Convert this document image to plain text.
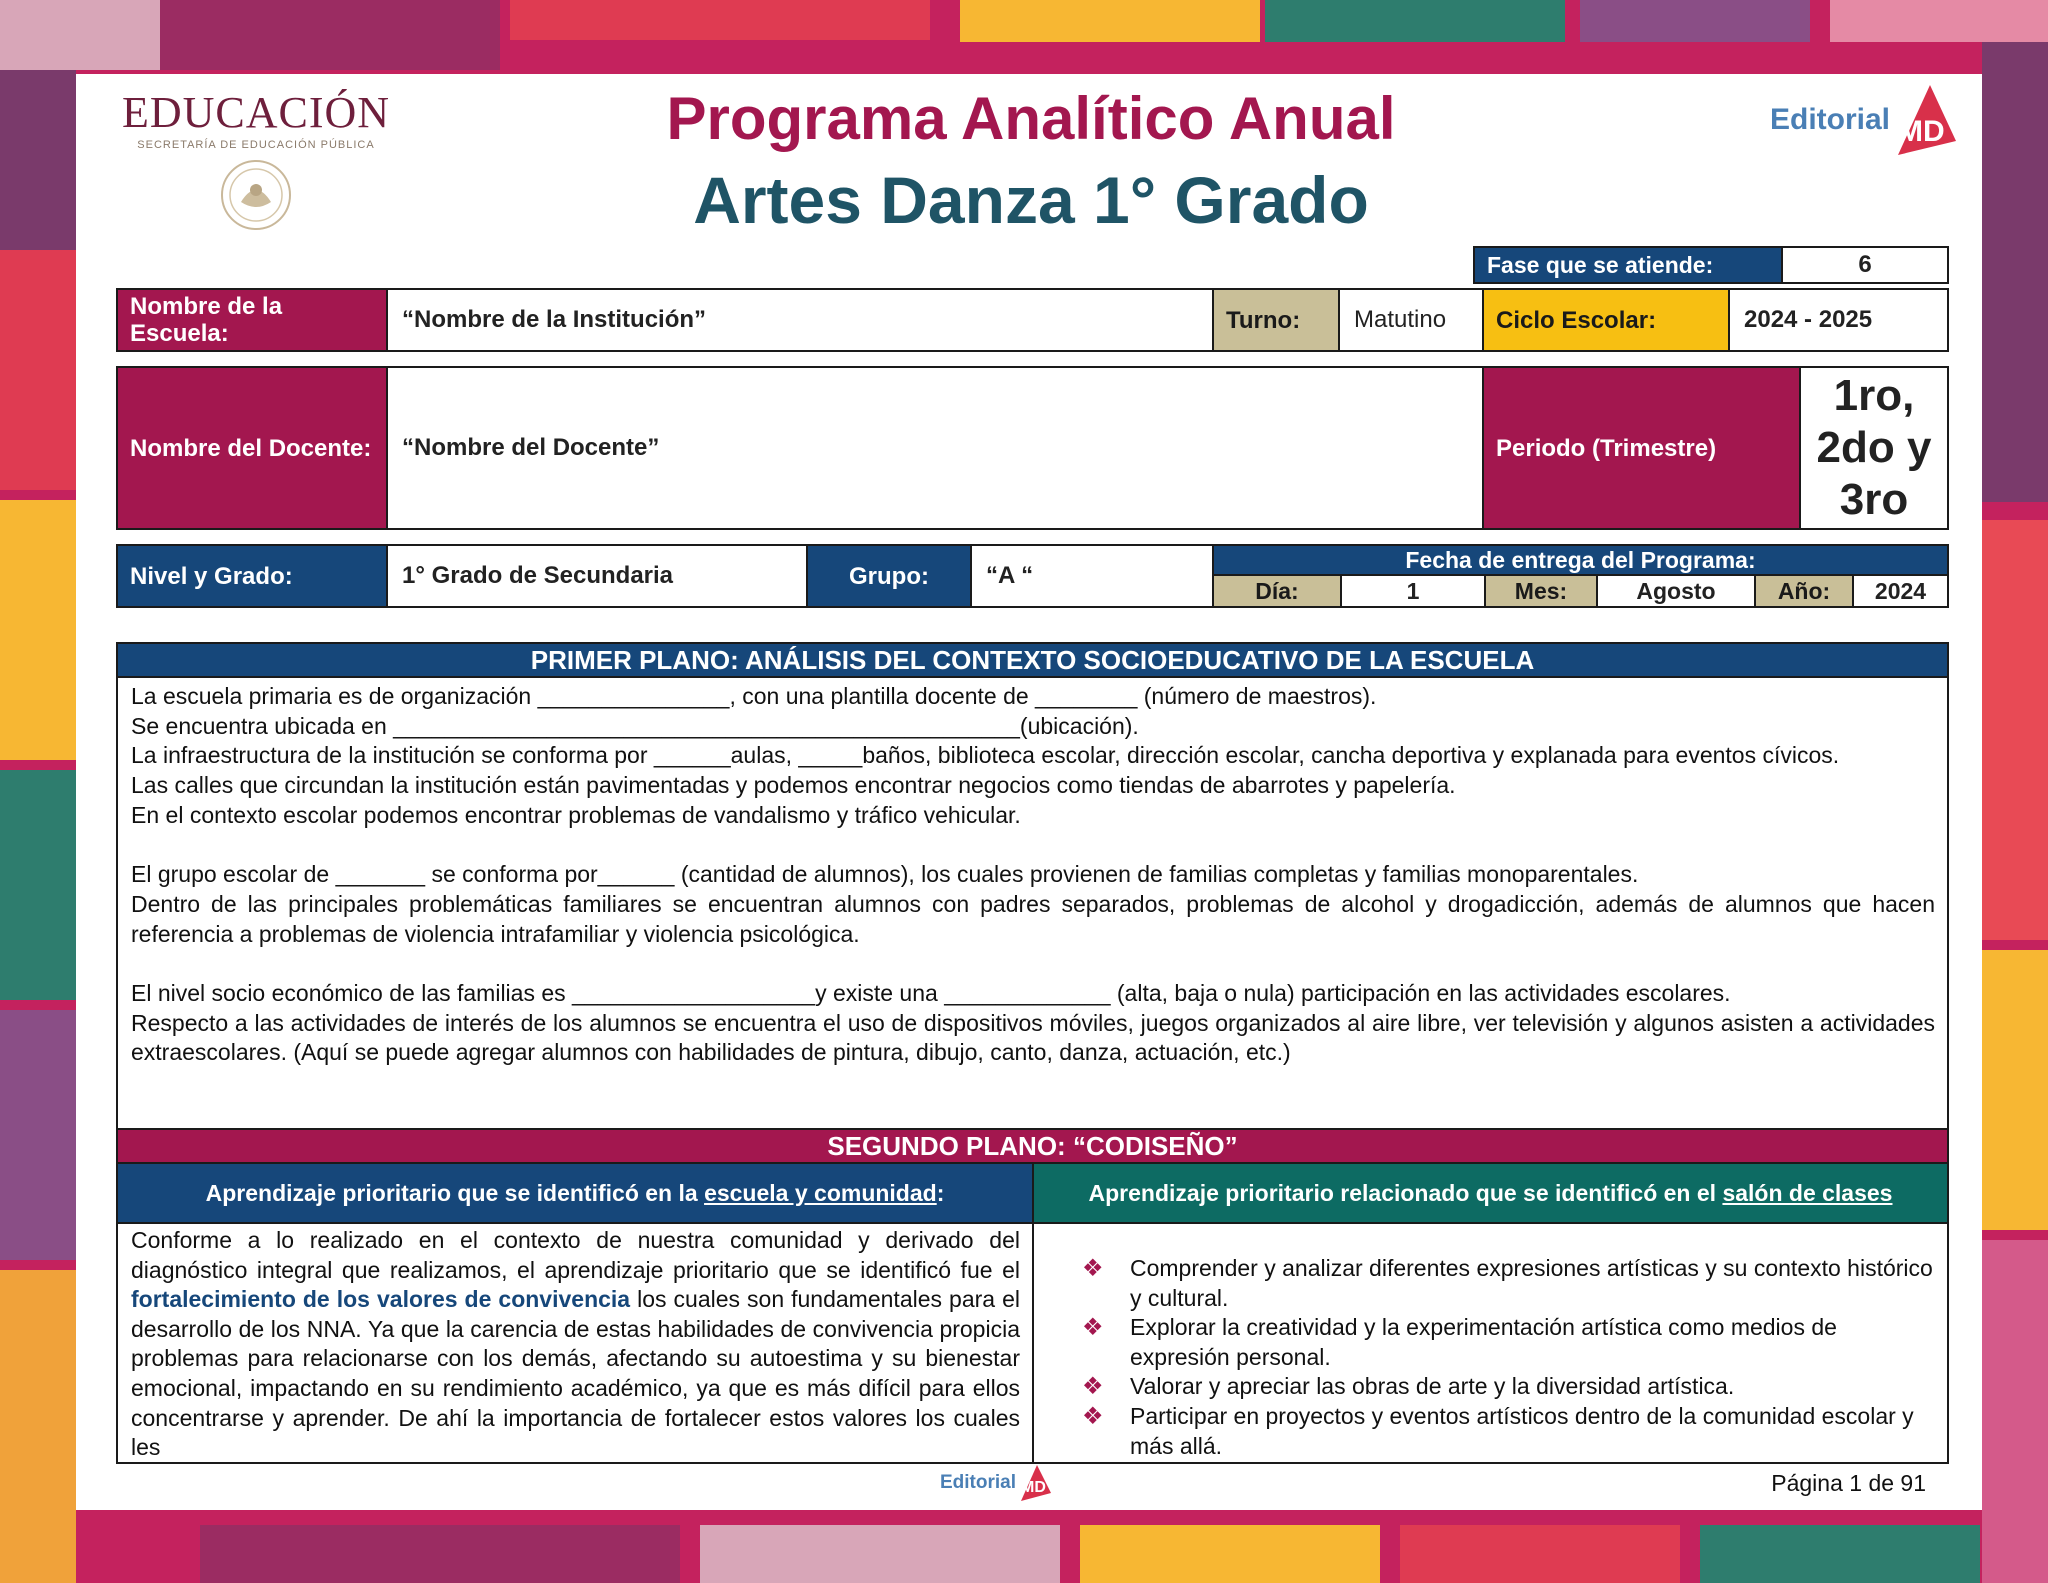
EDUCACIÓN
SECRETARÍA DE EDUCACIÓN PÚBLICA	Programa Analítico Anual
Artes Danza 1° Grado
Editorial MD
Fase que se atiende:	6
Nombre de la Escuela:
“Nombre de la Institución”	Turno:	Matutino	Ciclo Escolar:	2024 - 2025
Nombre del Docente:	“Nombre del Docente”	Periodo (Trimestre)
1ro, 2do y 3ro
Nivel y Grado:	1° Grado de Secundaria	Grupo:	“A “
Fecha de entrega del Programa:
Día:	1	Mes:	Agosto	Año:	2024
PRIMER PLANO: ANÁLISIS DEL CONTEXTO SOCIOEDUCATIVO DE LA ESCUELA

La escuela primaria es de organización _______________, con una plantilla docente de ________ (número de maestros).

Se encuentra ubicada en _________________________________________________(ubicación).

La infraestructura de la institución se conforma por ______aulas, _____baños, biblioteca escolar, dirección escolar, cancha deportiva y explanada para eventos cívicos.

Las calles que circundan la institución están pavimentadas y podemos encontrar negocios como tiendas de abarrotes y papelería.

En el contexto escolar podemos encontrar problemas de vandalismo y tráfico vehicular.

El grupo escolar de _______ se conforma por______ (cantidad de alumnos), los cuales provienen de familias completas y familias monoparentales.

Dentro de las principales problemáticas familiares se encuentran alumnos con padres separados, problemas de alcohol y drogadicción, además de alumnos que hacen referencia a problemas de violencia intrafamiliar y violencia psicológica.

El nivel socio económico de las familias es ___________________y existe una _____________ (alta, baja o nula) participación en las actividades escolares.

Respecto a las actividades de interés de los alumnos se encuentra el uso de dispositivos móviles, juegos organizados al aire libre, ver televisión y algunos asisten a actividades extraescolares. (Aquí se puede agregar alumnos con habilidades de pintura, dibujo, canto, danza, actuación, etc.)

SEGUNDO PLANO: “CODISEÑO”
Aprendizaje prioritario que se identificó en la escuela y comunidad:	Aprendizaje prioritario relacionado que se identificó en el salón de clases

Conforme a lo realizado en el contexto de nuestra comunidad y derivado del diagnóstico integral que realizamos, el aprendizaje prioritario que se identificó fue el fortalecimiento de los valores de convivencia los cuales son fundamentales para el desarrollo de los NNA. Ya que la carencia de estas habilidades de convivencia propicia problemas para relacionarse con los demás, afectando su autoestima y su bienestar emocional, impactando en su rendimiento académico, ya que es más difícil para ellos concentrarse y aprender. De ahí la importancia de fortalecer estos valores los cuales les

❖ Comprender y analizar diferentes expresiones artísticas y su contexto histórico y cultural.
❖ Explorar la creatividad y la experimentación artística como medios de expresión personal.
❖ Valorar y apreciar las obras de arte y la diversidad artística.
❖ Participar en proyectos y eventos artísticos dentro de la comunidad escolar y más allá.
Editorial MD	Página 1 de 91
